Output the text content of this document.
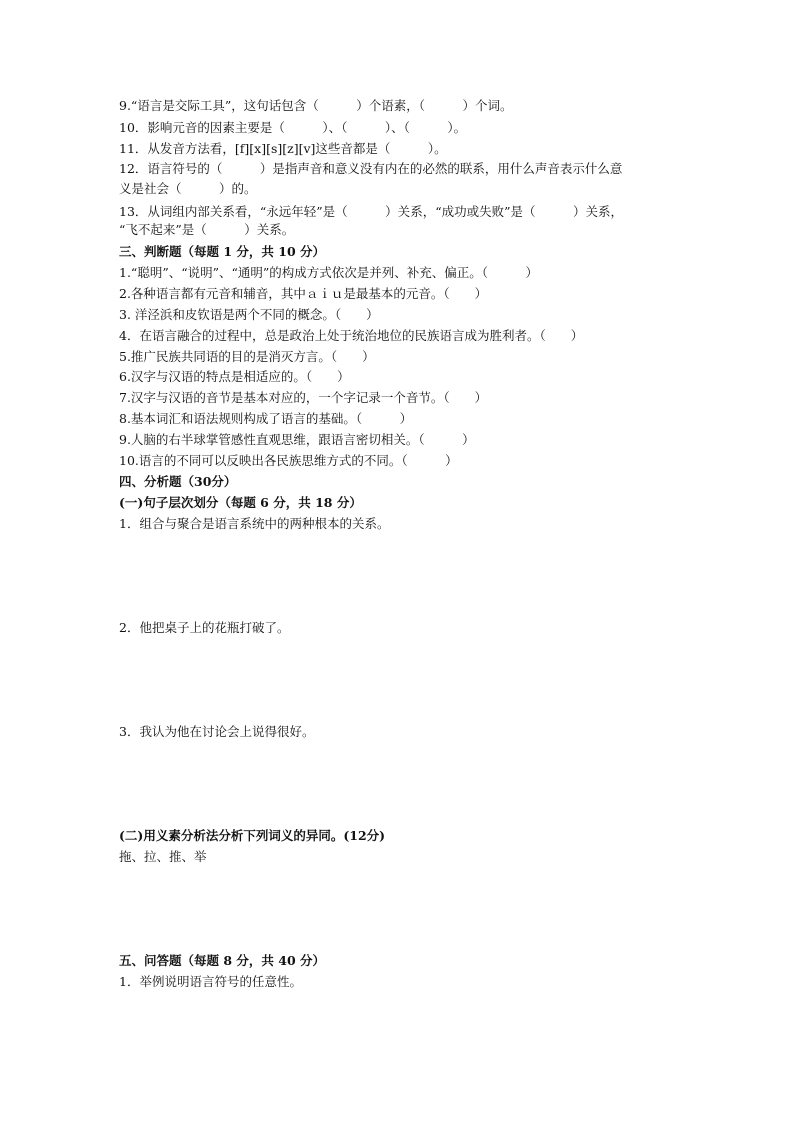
9.“语言是交际工具”，这句话包含（　　　）个语素，（　　　）个词。
10．影响元音的因素主要是（　　　）、（　　　）、（　　　）。
11．从发音方法看，[f][x][s][z][v]这些音都是（　　　）。
12．语言符号的（　　　）是指声音和意义没有内在的必然的联系，用什么声音表示什么意
义是社会（　　　）的。
13．从词组内部关系看，“永远年轻”是（　　　）关系，“成功或失败”是（　　　）关系，
“飞不起来”是（　　　）关系。
三、判断题（每题 1 分，共 10 分）
1.“聪明”、“说明”、“通明”的构成方式依次是并列、补充、偏正。（　　　）
2.各种语言都有元音和辅音，其中ａｉｕ是最基本的元音。（　　）
3. 洋泾浜和皮钦语是两个不同的概念。（　　）
4．在语言融合的过程中，总是政治上处于统治地位的民族语言成为胜利者。（　　）
5.推广民族共同语的目的是消灭方言。（　　）
6.汉字与汉语的特点是相适应的。（　　）
7.汉字与汉语的音节是基本对应的，一个字记录一个音节。（　　）
8.基本词汇和语法规则构成了语言的基础。（　　　）
9.人脑的右半球掌管感性直观思维，跟语言密切相关。（　　　）
10.语言的不同可以反映出各民族思维方式的不同。（　　　）
四、分析题（30分）
(一)句子层次划分（每题 6 分，共 18 分）
1．组合与聚合是语言系统中的两种根本的关系。
2．他把桌子上的花瓶打破了。
3．我认为他在讨论会上说得很好。
(二)用义素分析法分析下列词义的异同。(12分)
拖、拉、推、举
五、问答题（每题 8 分，共 40 分）
1．举例说明语言符号的任意性。
